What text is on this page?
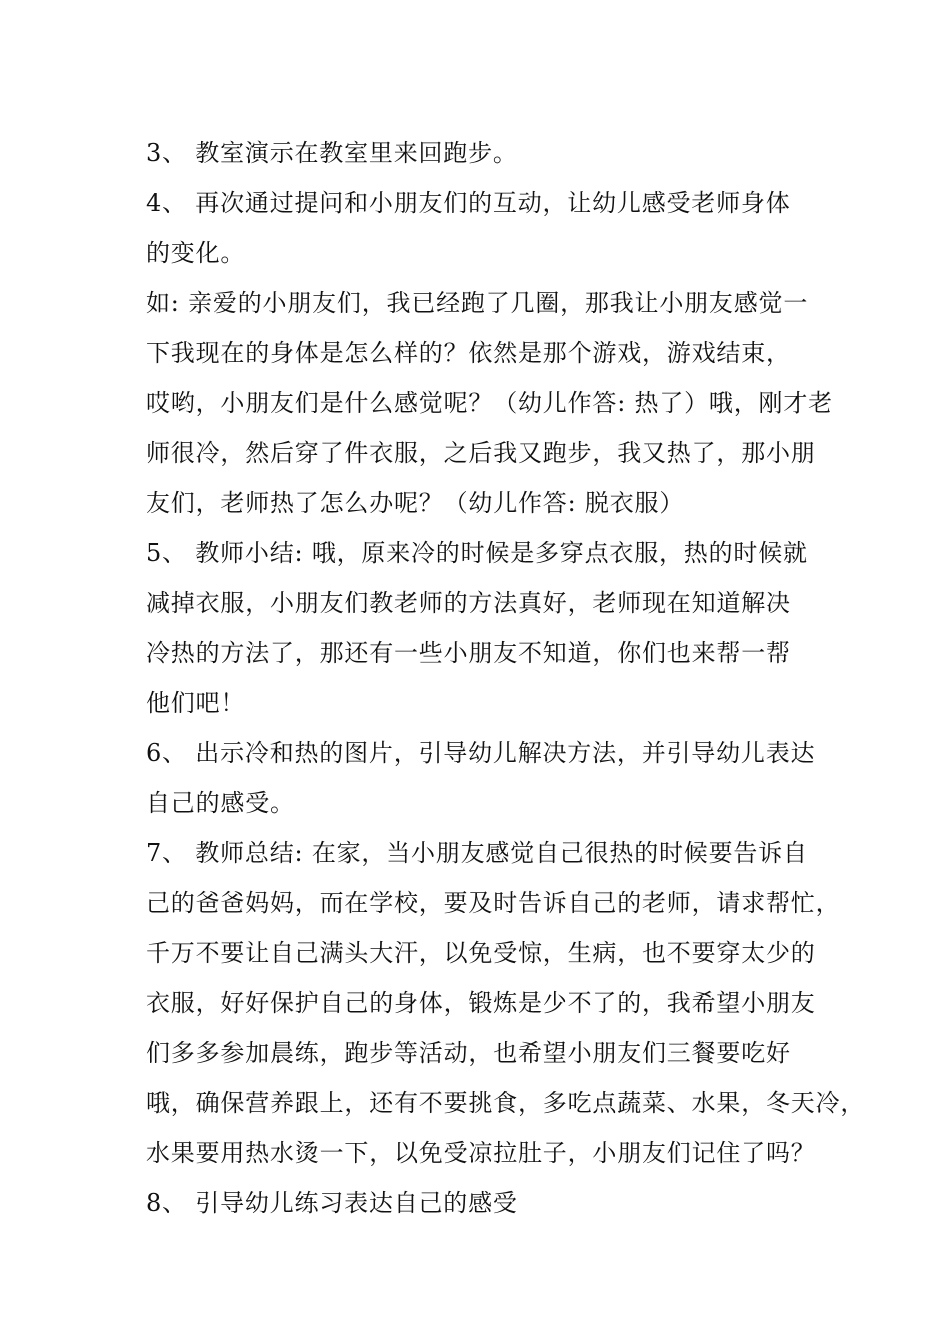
3、 教室演示在教室里来回跑步。
4、 再次通过提问和小朋友们的互动，让幼儿感受老师身体
的变化。
如: 亲爱的小朋友们，我已经跑了几圈，那我让小朋友感觉一
下我现在的身体是怎么样的？依然是那个游戏，游戏结束，
哎哟，小朋友们是什么感觉呢？（幼儿作答: 热了）哦，刚才老
师很冷，然后穿了件衣服，之后我又跑步，我又热了，那小朋
友们，老师热了怎么办呢？（幼儿作答: 脱衣服）
5、 教师小结: 哦，原来冷的时候是多穿点衣服，热的时候就
减掉衣服，小朋友们教老师的方法真好，老师现在知道解决
冷热的方法了，那还有一些小朋友不知道，你们也来帮一帮
他们吧！
6、 出示冷和热的图片，引导幼儿解决方法，并引导幼儿表达
自己的感受。
7、 教师总结: 在家，当小朋友感觉自己很热的时候要告诉自
己的爸爸妈妈，而在学校，要及时告诉自己的老师，请求帮忙，
千万不要让自己满头大汗，以免受惊，生病，也不要穿太少的
衣服，好好保护自己的身体，锻炼是少不了的，我希望小朋友
们多多参加晨练，跑步等活动，也希望小朋友们三餐要吃好
哦，确保营养跟上，还有不要挑食，多吃点蔬菜、水果，冬天冷，
水果要用热水烫一下，以免受凉拉肚子，小朋友们记住了吗？
8、 引导幼儿练习表达自己的感受
